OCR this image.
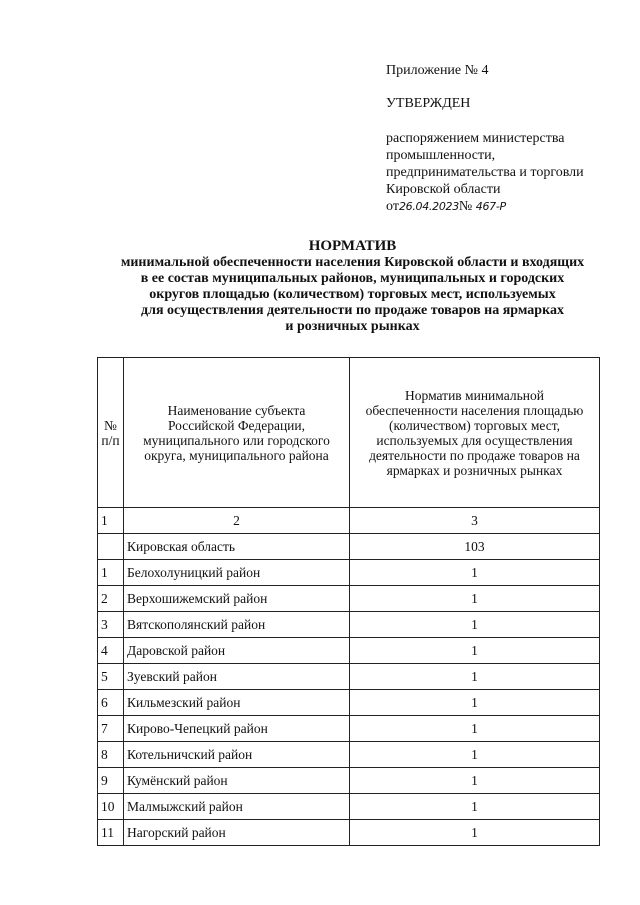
Приложение № 4
УТВЕРЖДЕН
распоряжением министерства
промышленности,
предпринимательства и торговли
Кировской области
от26.04.2023№ 467-Р
НОРМАТИВ
минимальной обеспеченности населения Кировской области и входящих
в ее состав муниципальных районов, муниципальных и городских
округов площадью (количеством) торговых мест, используемых
для осуществления деятельности по продаже товаров на ярмарках
и розничных рынках
№ п/п	Наименование субъекта Российской Федерации, муниципального или городского округа, муниципального района	Норматив минимальной обеспеченности населения площадью (количеством) торговых мест, используемых для осуществления деятельности по продаже товаров на ярмарках и розничных рынках
1	2	3
	Кировская область	103
1	Белохолуницкий район	1
2	Верхошижемский район	1
3	Вятскополянский район	1
4	Даровской район	1
5	Зуевский район	1
6	Кильмезский район	1
7	Кирово-Чепецкий район	1
8	Котельничский район	1
9	Кумёнский район	1
10	Малмыжский район	1
11	Нагорский район	1
